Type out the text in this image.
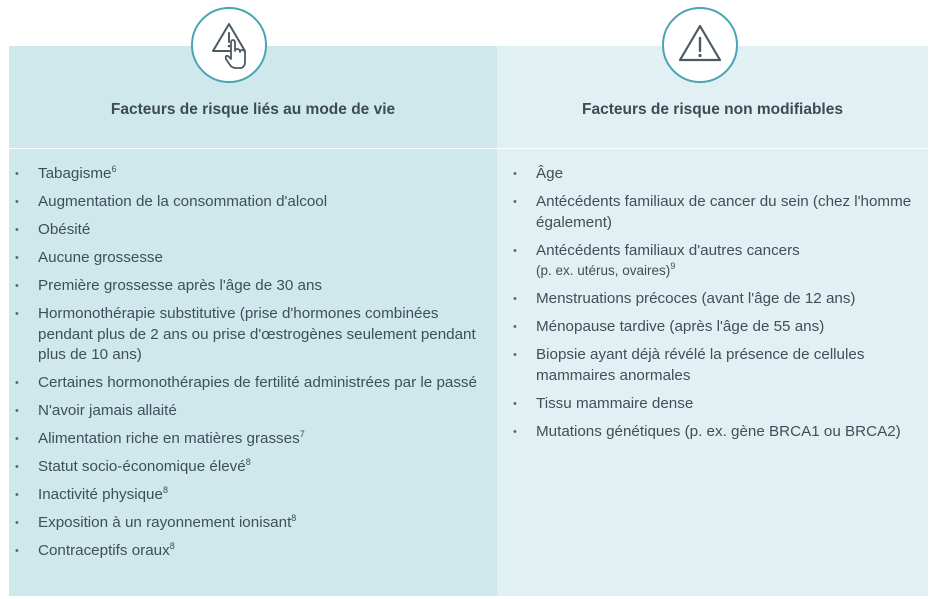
Facteurs de risque liés au mode de vie	Facteurs de risque non modifiables
• Tabagisme$^6$
• Augmentation de la consommation d'alcool
• Obésité
• Aucune grossesse
• Première grossesse après l'âge de 30 ans
• Hormonothérapie substitutive (prise d'hormones combinées pendant plus de 2 ans ou prise d'œstrogènes seulement pendant plus de 10 ans)
• Certaines hormonothérapies de fertilité administrées par le passé
• N'avoir jamais allaité
• Alimentation riche en matières grasses$^7$
• Statut socio-économique élevé$^8$
• Inactivité physique$^8$
• Exposition à un rayonnement ionisant$^8$
• Contraceptifs oraux$^8$
• Âge
• Antécédents familiaux de cancer du sein (chez l'homme également)
• Antécédents familiaux d'autres cancers
(p. ex. utérus, ovaires)$^9$
• Menstruations précoces (avant l'âge de 12 ans)
• Ménopause tardive (après l'âge de 55 ans)
• Biopsie ayant déjà révélé la présence de cellules mammaires anormales
• Tissu mammaire dense
• Mutations génétiques (p. ex. gène BRCA1 ou BRCA2)
